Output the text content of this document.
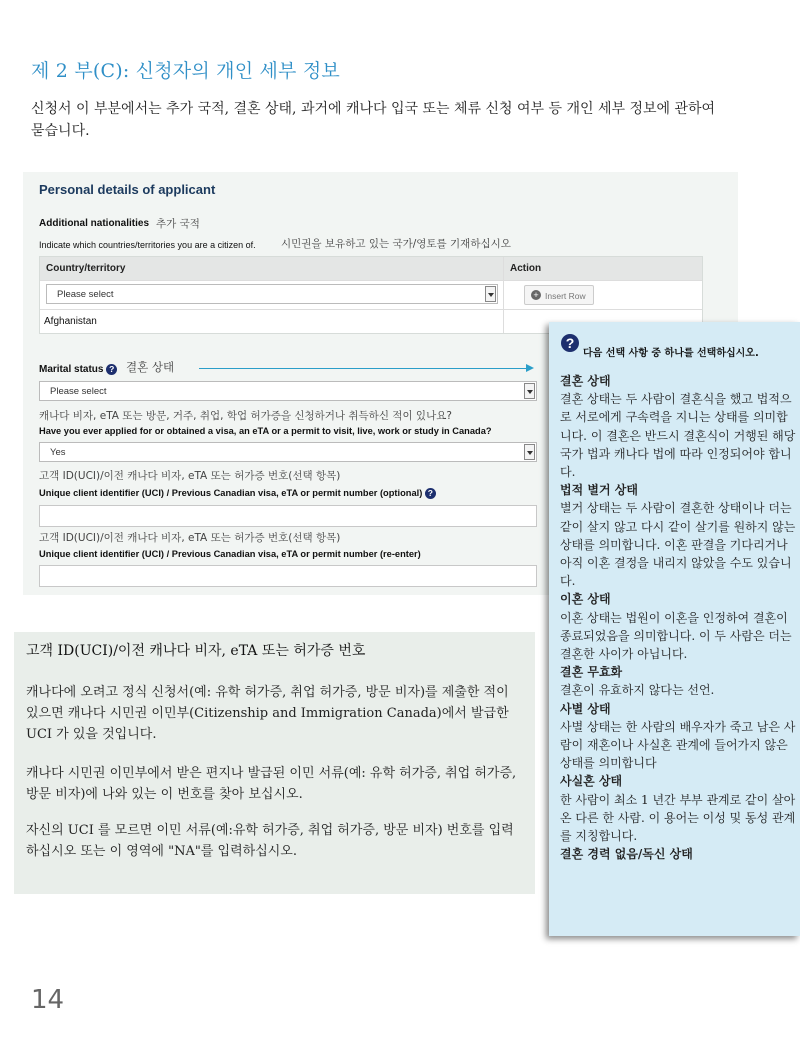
제 2 부(C): 신청자의 개인 세부 정보

신청서 이 부분에서는 추가 국적, 결혼 상태, 과거에 캐나다 입국 또는 체류 신청 여부 등 개인 세부 정보에 관하여 묻습니다.

Personal details of applicant
Additional nationalities 추가 국적
Indicate which countries/territories you are a citizen of. 시민권을 보유하고 있는 국가/영토를 기재하십시오
Country/territory	Action
Please select	+ Insert Row
Afghanistan
Marital status ? 결혼 상태
Please select
캐나다 비자, eTA 또는 방문, 거주, 취업, 학업 허가증을 신청하거나 취득하신 적이 있나요?
Have you ever applied for or obtained a visa, an eTA or a permit to visit, live, work or study in Canada?
Yes
고객 ID(UCI)/이전 캐나다 비자, eTA 또는 허가증 번호(선택 항목)
Unique client identifier (UCI) / Previous Canadian visa, eTA or permit number (optional) ?
고객 ID(UCI)/이전 캐나다 비자, eTA 또는 허가증 번호(선택 항목)
Unique client identifier (UCI) / Previous Canadian visa, eTA or permit number (re-enter)
고객 ID(UCI)/이전 캐나다 비자, eTA 또는 허가증 번호

캐나다에 오려고 정식 신청서(예: 유학 허가증, 취업 허가증, 방문 비자)를 제출한 적이 있으면 캐나다 시민권 이민부(Citizenship and Immigration Canada)에서 발급한 UCI 가 있을 것입니다.

캐나다 시민권 이민부에서 받은 편지나 발급된 이민 서류(예: 유학 허가증, 취업 허가증, 방문 비자)에 나와 있는 이 번호를 찾아 보십시오.

자신의 UCI 를 모르면 이민 서류(예:유학 허가증, 취업 허가증, 방문 비자) 번호를 입력하십시오 또는 이 영역에 "NA"를 입력하십시오.

?
다음 선택 사항 중 하나를 선택하십시오.
결혼 상태
결혼 상태는 두 사람이 결혼식을 했고 법적으로 서로에게 구속력을 지니는 상태를 의미합니다. 이 결혼은 반드시 결혼식이 거행된 해당 국가 법과 캐나다 법에 따라 인정되어야 합니다.
법적 별거 상태
별거 상태는 두 사람이 결혼한 상태이나 더는 같이 살지 않고 다시 같이 살기를 원하지 않는 상태를 의미합니다. 이혼 판결을 기다리거나 아직 이혼 결정을 내리지 않았을 수도 있습니다.
이혼 상태
이혼 상태는 법원이 이혼을 인정하여 결혼이 종료되었음을 의미합니다. 이 두 사람은 더는 결혼한 사이가 아닙니다.
결혼 무효화
결혼이 유효하지 않다는 선언.
사별 상태
사별 상태는 한 사람의 배우자가 죽고 남은 사람이 재혼이나 사실혼 관계에 들어가지 않은 상태를 의미합니다
사실혼 상태
한 사람이 최소 1 년간 부부 관계로 같이 살아온 다른 한 사람. 이 용어는 이성 및 동성 관계를 지칭합니다.
결혼 경력 없음/독신 상태
14
